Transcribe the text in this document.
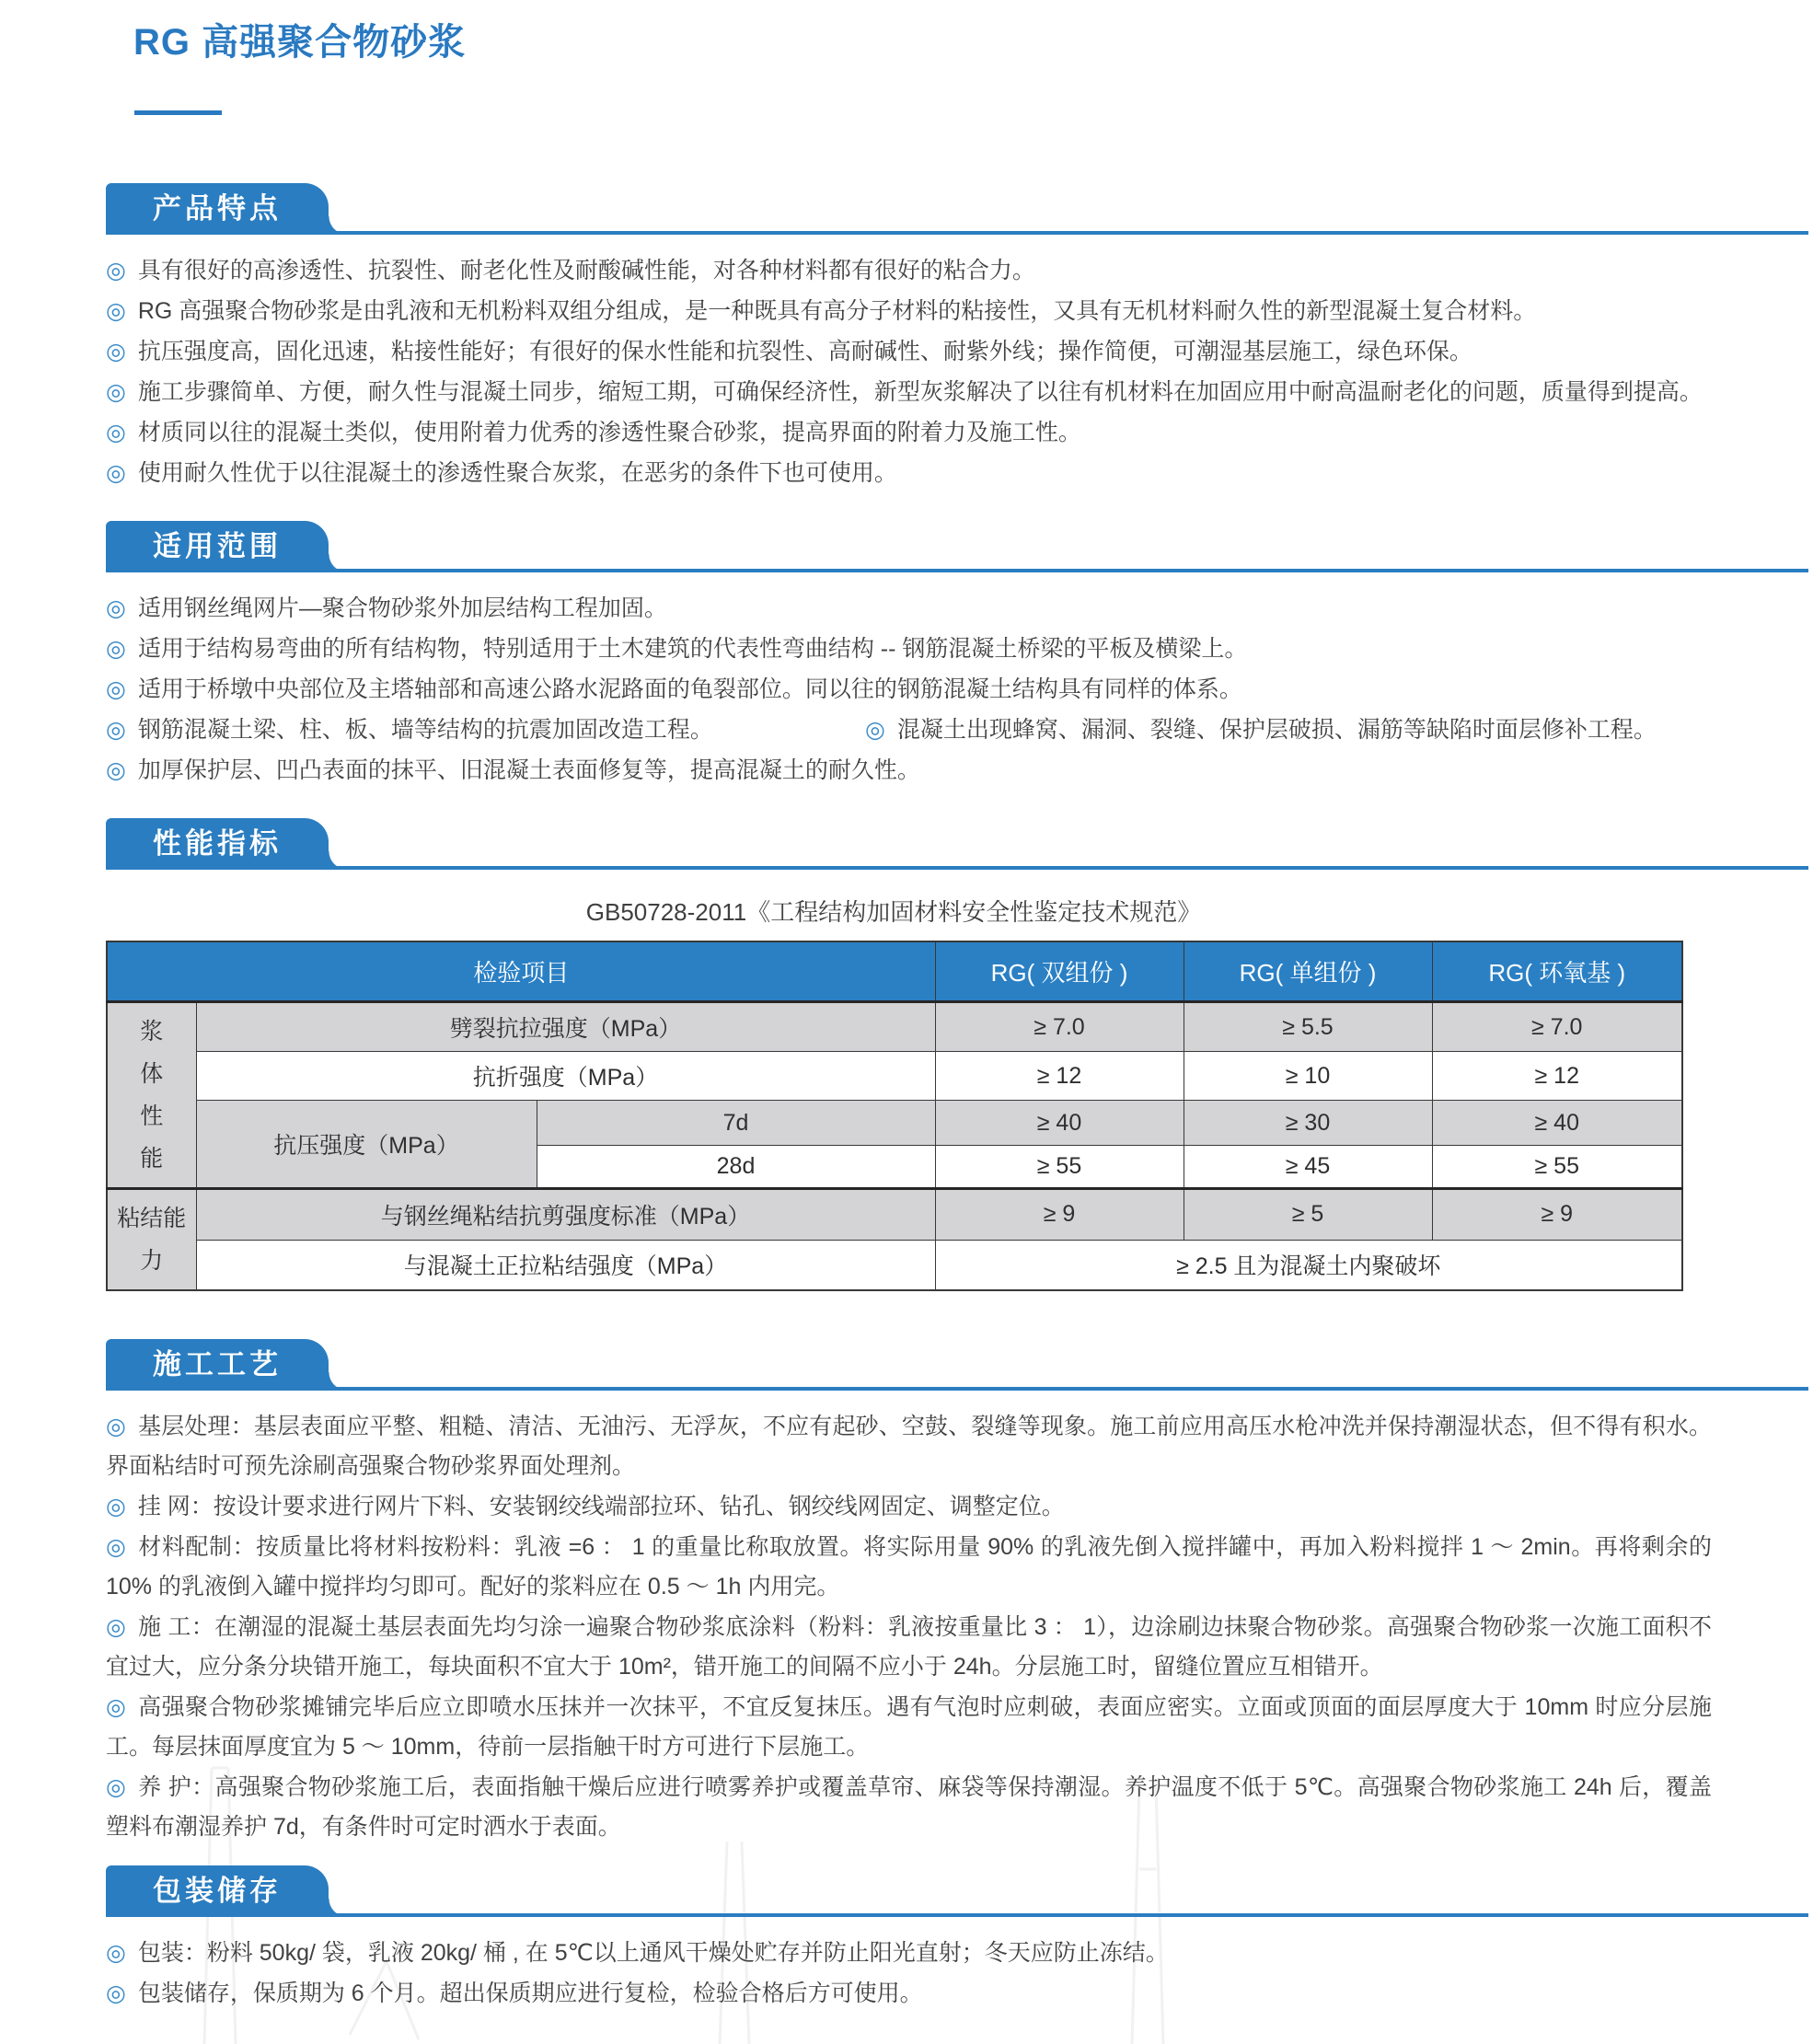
RG 高强聚合物砂浆
产品特点
◎ 具有很好的高渗透性、抗裂性、耐老化性及耐酸碱性能，对各种材料都有很好的粘合力。
◎ RG 高强聚合物砂浆是由乳液和无机粉料双组分组成，是一种既具有高分子材料的粘接性，又具有无机材料耐久性的新型混凝土复合材料。
◎ 抗压强度高，固化迅速，粘接性能好；有很好的保水性能和抗裂性、高耐碱性、耐紫外线；操作简便，可潮湿基层施工，绿色环保。
◎ 施工步骤简单、方便，耐久性与混凝土同步，缩短工期，可确保经济性，新型灰浆解决了以往有机材料在加固应用中耐高温耐老化的问题，质量得到提高。
◎ 材质同以往的混凝土类似，使用附着力优秀的渗透性聚合砂浆，提高界面的附着力及施工性。
◎ 使用耐久性优于以往混凝土的渗透性聚合灰浆，在恶劣的条件下也可使用。
适用范围
◎ 适用钢丝绳网片—聚合物砂浆外加层结构工程加固。
◎ 适用于结构易弯曲的所有结构物，特别适用于土木建筑的代表性弯曲结构 -- 钢筋混凝土桥梁的平板及横梁上。
◎ 适用于桥墩中央部位及主塔轴部和高速公路水泥路面的龟裂部位。同以往的钢筋混凝土结构具有同样的体系。
◎ 钢筋混凝土梁、柱、板、墙等结构的抗震加固改造工程。	◎ 混凝土出现蜂窝、漏洞、裂缝、保护层破损、漏筋等缺陷时面层修补工程。
◎ 加厚保护层、凹凸表面的抹平、旧混凝土表面修复等，提高混凝土的耐久性。
性能指标
GB50728-2011《工程结构加固材料安全性鉴定技术规范》
检验项目			RG( 双组份 )	RG( 单组份 )	RG( 环氧基 )

浆
体
性
能	劈裂抗拉强度（MPa）		≥ 7.0	≥ 5.5	≥ 7.0
	抗折强度（MPa）		≥ 12	≥ 10	≥ 12
	抗压强度（MPa）	7d	≥ 40	≥ 30	≥ 40
		28d	≥ 55	≥ 45	≥ 55

粘结能
力	与钢丝绳粘结抗剪强度标准（MPa）		≥ 9	≥ 5	≥ 9
	与混凝土正拉粘结强度（MPa）		≥ 2.5 且为混凝土内聚破坏		
施工工艺
◎ 基层处理：基层表面应平整、粗糙、清洁、无油污、无浮灰，不应有起砂、空鼓、裂缝等现象。施工前应用高压水枪冲洗并保持潮湿状态，但不得有积水。界面粘结时可预先涂刷高强聚合物砂浆界面处理剂。
◎ 挂 网：按设计要求进行网片下料、安装钢绞线端部拉环、钻孔、钢绞线网固定、调整定位。
◎ 材料配制：按质量比将材料按粉料：乳液 =6 ： 1 的重量比称取放置。将实际用量 90% 的乳液先倒入搅拌罐中，再加入粉料搅拌 1 ～ 2min。再将剩余的 10% 的乳液倒入罐中搅拌均匀即可。配好的浆料应在 0.5 ～ 1h 内用完。
◎ 施 工：在潮湿的混凝土基层表面先均匀涂一遍聚合物砂浆底涂料（粉料：乳液按重量比 3 ： 1），边涂刷边抹聚合物砂浆。高强聚合物砂浆一次施工面积不宜过大，应分条分块错开施工，每块面积不宜大于 10m²，错开施工的间隔不应小于 24h。分层施工时，留缝位置应互相错开。
◎ 高强聚合物砂浆摊铺完毕后应立即喷水压抹并一次抹平，不宜反复抹压。遇有气泡时应刺破，表面应密实。立面或顶面的面层厚度大于 10mm 时应分层施工。每层抹面厚度宜为 5 ～ 10mm，待前一层指触干时方可进行下层施工。
◎ 养 护：高强聚合物砂浆施工后，表面指触干燥后应进行喷雾养护或覆盖草帘、麻袋等保持潮湿。养护温度不低于 5℃。高强聚合物砂浆施工 24h 后，覆盖塑料布潮湿养护 7d，有条件时可定时洒水于表面。
包装储存
◎ 包装：粉料 50kg/ 袋，乳液 20kg/ 桶 , 在 5℃以上通风干燥处贮存并防止阳光直射；冬天应防止冻结。
◎ 包装储存，保质期为 6 个月。超出保质期应进行复检，检验合格后方可使用。
